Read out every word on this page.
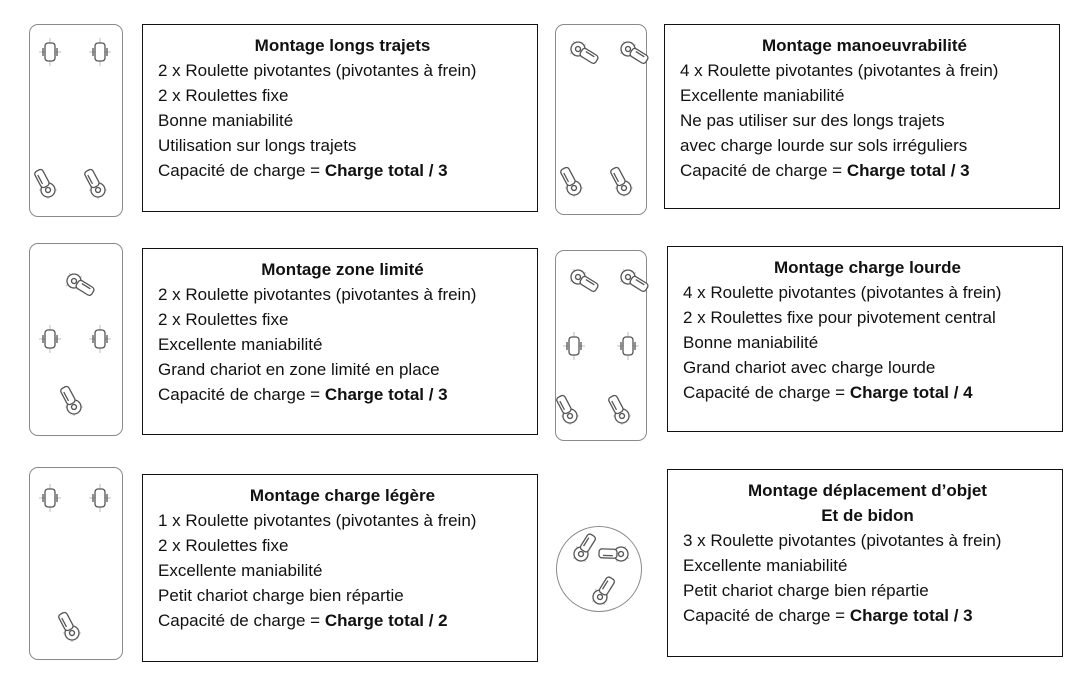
Montage longs trajets
2 x Roulette pivotantes (pivotantes à frein)
2 x Roulettes fixe
Bonne maniabilité
Utilisation sur longs trajets
Capacité de charge = Charge total / 3
Montage manoeuvrabilité
4 x Roulette pivotantes (pivotantes à frein)
Excellente maniabilité
Ne pas utiliser sur des longs trajets
avec charge lourde sur sols irréguliers
Capacité de charge = Charge total / 3
Montage zone limité
2 x Roulette pivotantes (pivotantes à frein)
2 x Roulettes fixe
Excellente maniabilité
Grand chariot en zone limité en place
Capacité de charge = Charge total / 3
Montage charge lourde
4 x Roulette pivotantes (pivotantes à frein)
2 x Roulettes fixe pour pivotement central
Bonne maniabilité
Grand chariot avec charge lourde
Capacité de charge = Charge total / 4
Montage charge légère
1 x Roulette pivotantes (pivotantes à frein)
2 x Roulettes fixe
Excellente maniabilité
Petit chariot charge bien répartie
Capacité de charge = Charge total / 2
Montage déplacement d’objet
Et de bidon
3 x Roulette pivotantes (pivotantes à frein)
Excellente maniabilité
Petit chariot charge bien répartie
Capacité de charge = Charge total / 3
